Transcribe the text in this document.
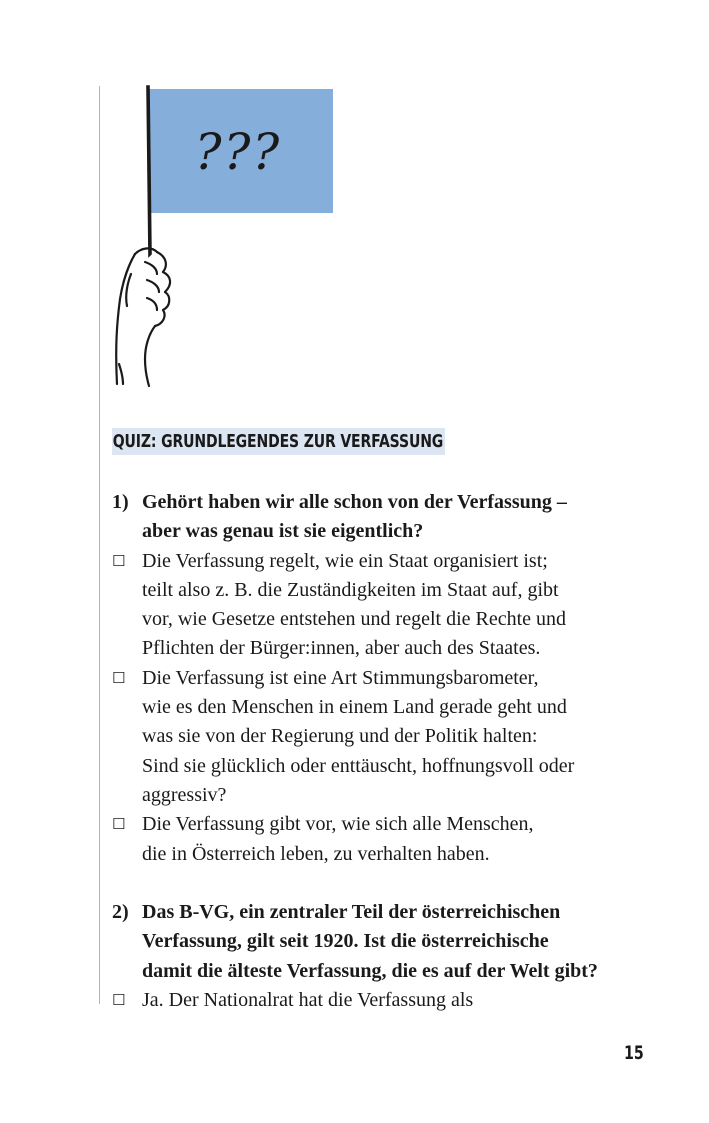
???
QUIZ: GRUNDLEGENDES ZUR VERFASSUNG
1) Gehört haben wir alle schon von der Verfassung –
aber was genau ist sie eigentlich?
☐ Die Verfassung regelt, wie ein Staat organisiert ist;
teilt also z. B. die Zuständigkeiten im Staat auf, gibt
vor, wie Gesetze entstehen und regelt die Rechte und
Pflichten der Bürger:innen, aber auch des Staates.
☐ Die Verfassung ist eine Art Stimmungsbarometer,
wie es den Menschen in einem Land gerade geht und
was sie von der Regierung und der Politik halten:
Sind sie glücklich oder enttäuscht, hoffnungsvoll oder
aggressiv?
☐ Die Verfassung gibt vor, wie sich alle Menschen,
die in Österreich leben, zu verhalten haben.
2) Das B-VG, ein zentraler Teil der österreichischen
Verfassung, gilt seit 1920. Ist die österreichische
damit die älteste Verfassung, die es auf der Welt gibt?
☐ Ja. Der Nationalrat hat die Verfassung als
15
